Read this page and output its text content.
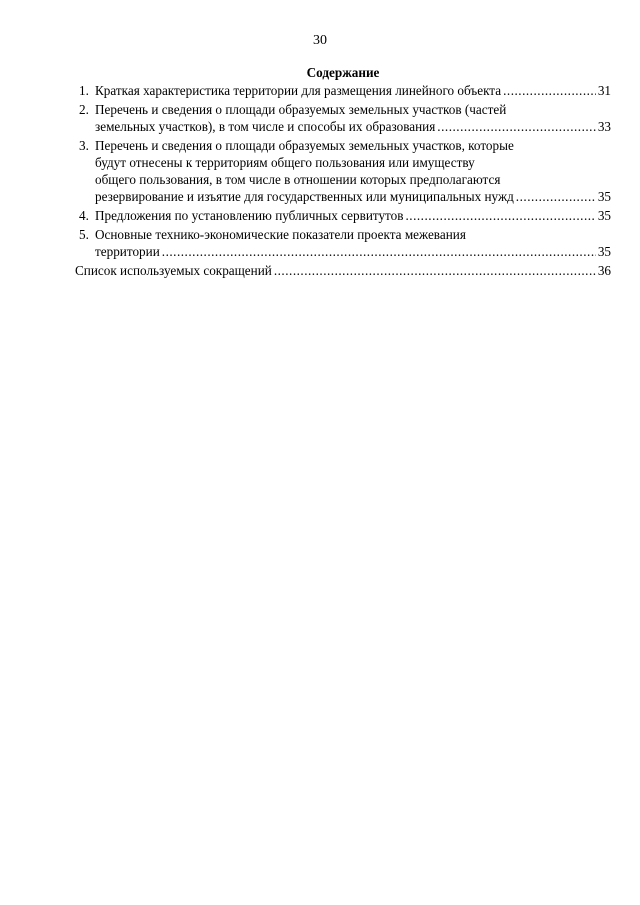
30
Содержание
1. Краткая характеристика территории для размещения линейного объекта .....	31
2. Перечень и сведения о площади образуемых земельных участков (частей
земельных участков), в том числе и способы их образования .....	33
3. Перечень и сведения о площади образуемых земельных участков, которые
будут отнесены к территориям общего пользования или имуществу
общего пользования, в том числе в отношении которых предполагаются
резервирование и изъятие для государственных или муниципальных нужд .....	35
4. Предложения по установлению публичных сервитутов .....	35
5. Основные технико-экономические показатели проекта межевания
территории .....	35
Список используемых сокращений .....	36
